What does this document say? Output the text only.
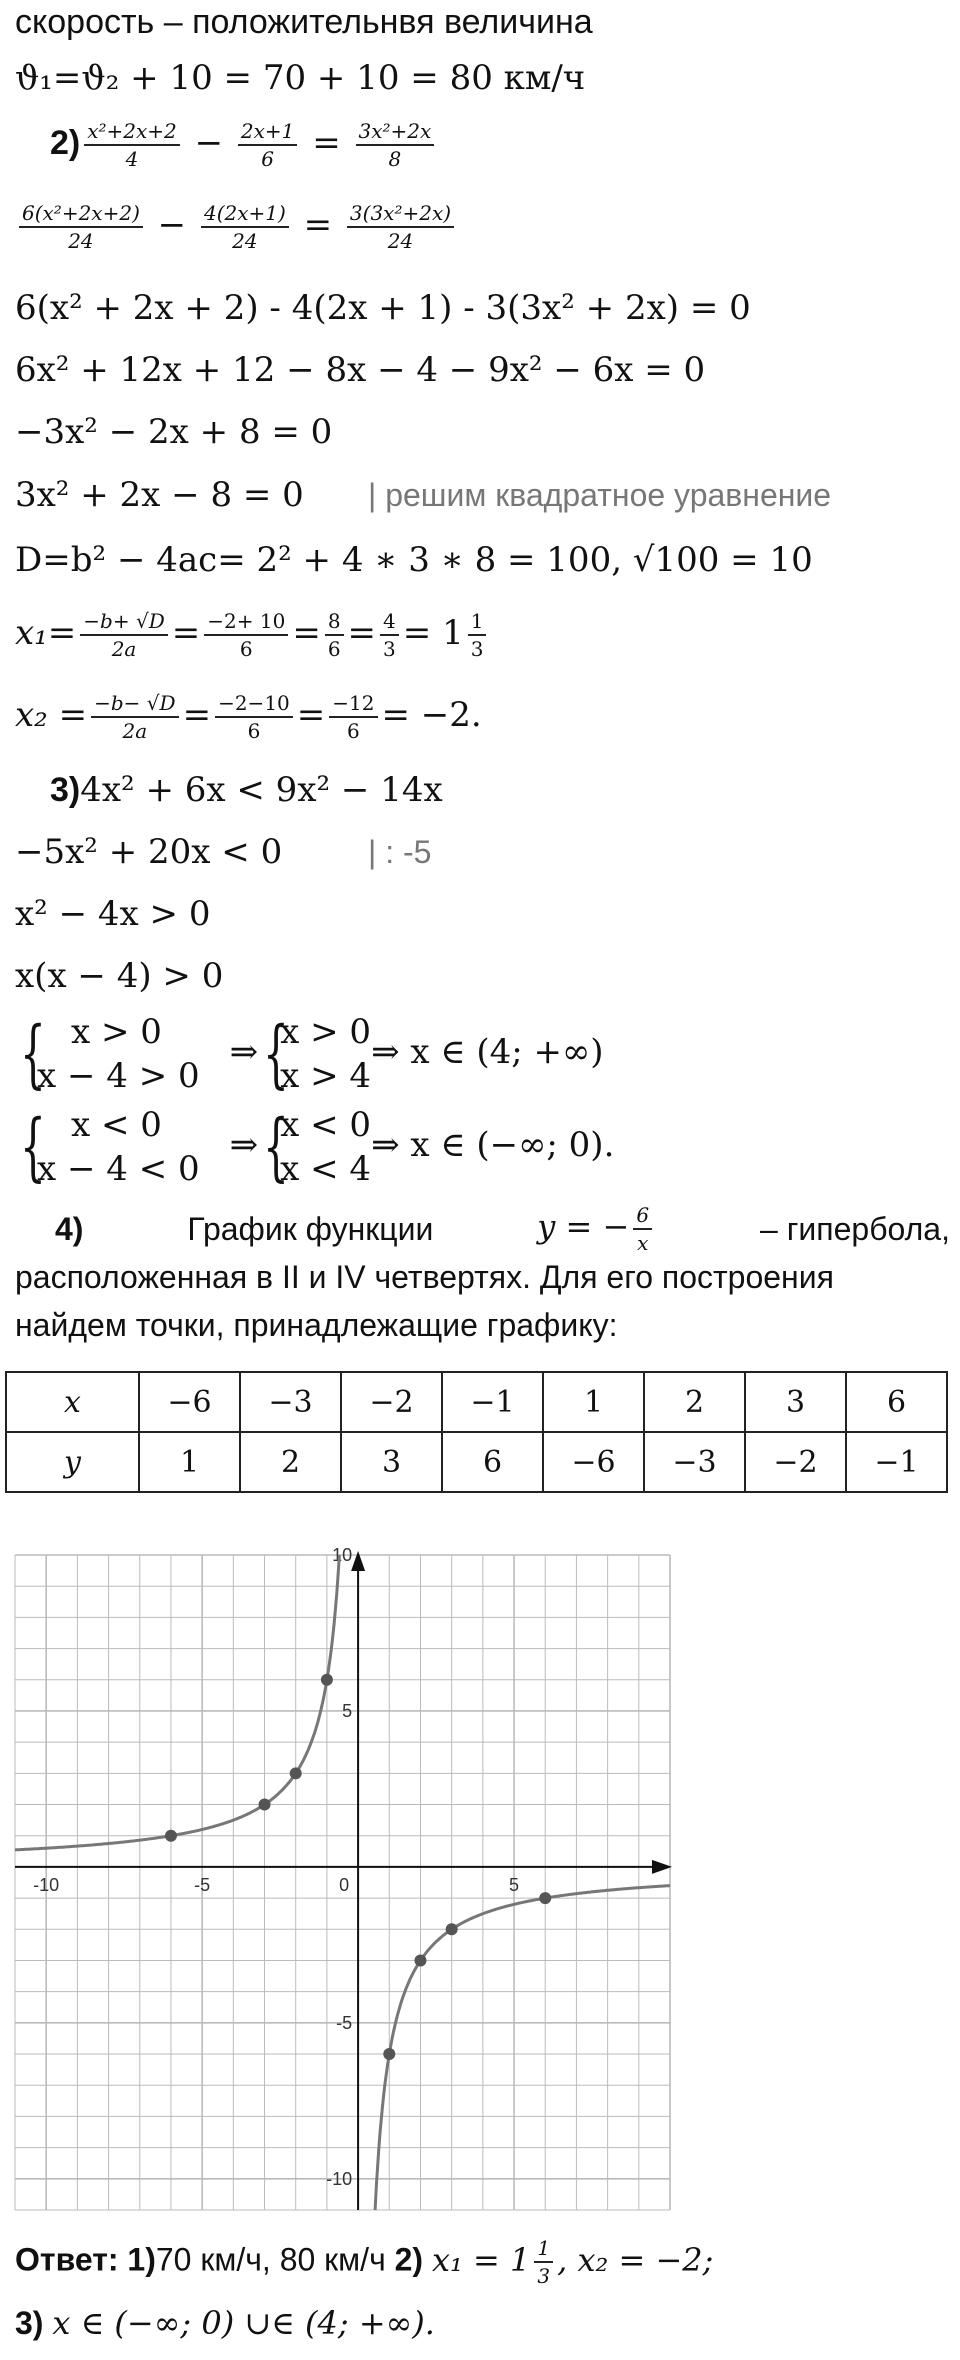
скорость – положительнвя величина
ϑ₁=ϑ₂ + 10 = 70 + 10 = 80 км/ч
$2) \frac{\text{x²+2x+2}}{4} - \frac{2x+1}{6} = \frac{\text{3x²+2x}}{8}$
$\frac{\text{6(x²+2x+2)}}{24} - \frac{4(2x+1)}{24} = \frac{\text{3(3x²+2x)}}{24}$
6(x² + 2x + 2) - 4(2x + 1) - 3(3x² + 2x) = 0
6x² + 12x + 12 − 8x − 4 − 9x² − 6x = 0
−3x² − 2x + 8 = 0
3x² + 2x − 8 = 0 | решим квадратное уравнение
D=b² − 4ac= 2² + 4 ∗ 3 ∗ 8 = 100, √100 = 10
$x_1= \frac{-b+ √D}{2a} = \frac{-2+ 10}{6} = \frac{8}{6} = \frac{4}{3} = 1 \frac{1}{3}$
$x_2 = \frac{-b- √D}{2a} = \frac{-2-10}{6} = \frac{-12}{6} = -2$.
3)4x² + 6x < 9x² − 14x
−5x² + 20x < 0	| : -5
x² − 4x > 0
x(x − 4) > 0
{ x > 0
x − 4 > 0
⇒ {
x > 0
x > 4
⇒ x ∈ (4; +∞)
{ x < 0
x − 4 < 0
⇒ {
x < 0
x < 4
⇒ x ∈ (−∞; 0).
4)	График функции	y = − $\frac{6}{x}$	– гипербола,
расположенная в II и IV четвертях. Для его построения
найдем точки, принадлежащие графику:
x	−6	−3	−2	−1	1	2	3	6
y	1	2	3	6	−6	−3	−2	−1
-10	-5	0	5
10
5
-5
-10
Ответ: 1)70 км/ч, 80 км/ч 2) $x_1 = 1 \frac{1}{3}$ , x₂ = −2;
3) x ∈ (−∞; 0) ∪∈ (4; +∞).
